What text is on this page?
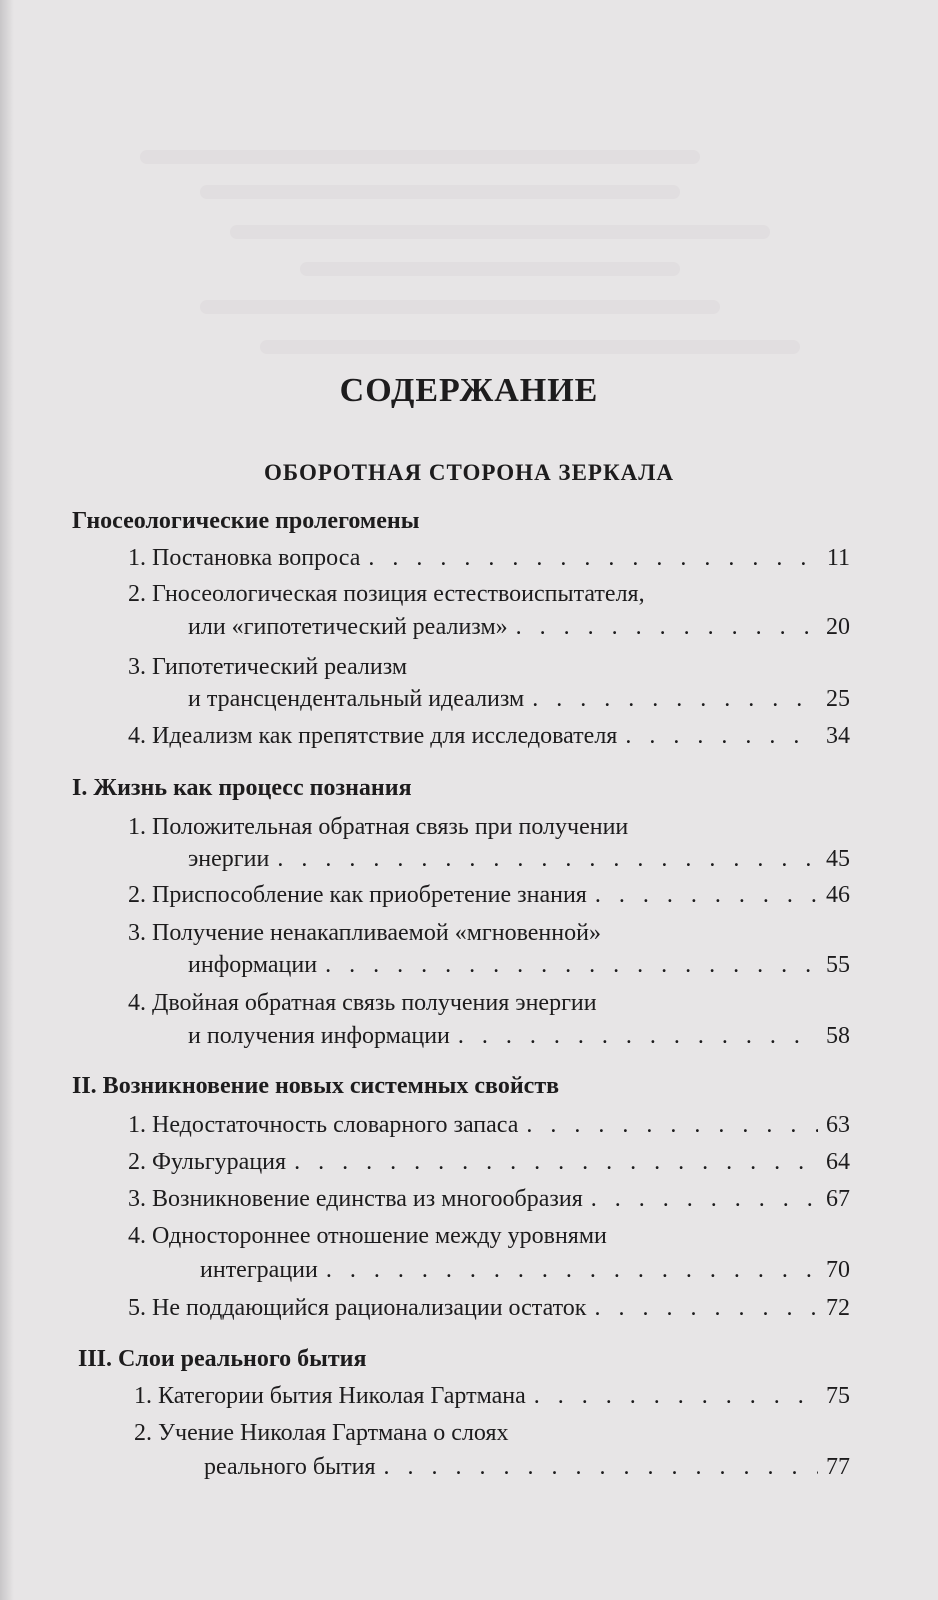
СОДЕРЖАНИЕ
ОБОРОТНАЯ СТОРОНА ЗЕРКАЛА
Гносеологические пролегомены
1. Постановка вопроса . . .	11
2. Гносеологическая позиция естествоиспытателя,
или «гипотетический реализм» . . .	20
3. Гипотетический реализм
и трансцендентальный идеализм . . .	25
4. Идеализм как препятствие для исследователя . . .	34
I. Жизнь как процесс познания
1. Положительная обратная связь при получении
энергии . . .	45
2. Приспособление как приобретение знания . . .	46
3. Получение ненакапливаемой «мгновенной»
информации . . .	55
4. Двойная обратная связь получения энергии
и получения информации . . .	58
II. Возникновение новых системных свойств
1. Недостаточность словарного запаса . . .	63
2. Фульгурация . . .	64
3. Возникновение единства из многообразия . . .	67
4. Одностороннее отношение между уровнями
интеграции . . .	70
5. Не поддающийся рационализации остаток . . .	72
III. Слои реального бытия
1. Категории бытия Николая Гартмана . . .	75
2. Учение Николая Гартмана о слоях
реального бытия . . .	77
